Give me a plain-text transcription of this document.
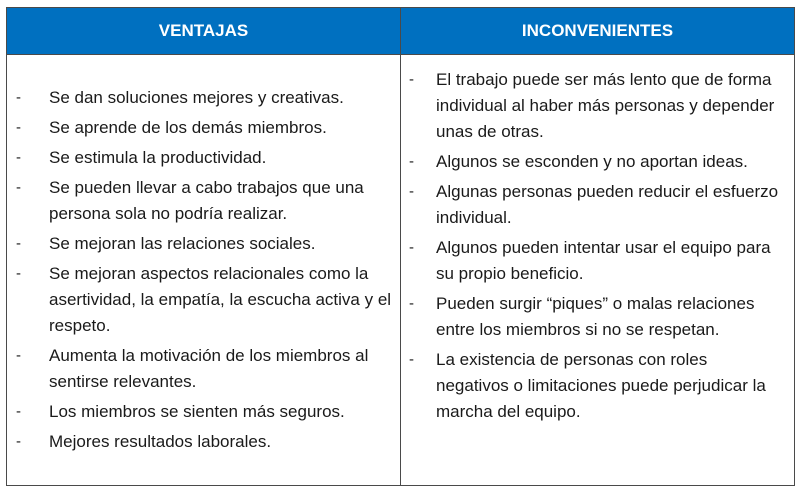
VENTAJAS	INCONVENIENTES
- Se dan soluciones mejores y creativas.
- Se aprende de los demás miembros.
- Se estimula la productividad.
- Se pueden llevar a cabo trabajos que una persona sola no podría realizar.
- Se mejoran las relaciones sociales.
- Se mejoran aspectos relacionales como la asertividad, la empatía, la escucha activa y el respeto.
- Aumenta la motivación de los miembros al sentirse relevantes.
- Los miembros se sienten más seguros.
- Mejores resultados laborales.
- El trabajo puede ser más lento que de forma individual al haber más personas y depender unas de otras.
- Algunos se esconden y no aportan ideas.
- Algunas personas pueden reducir el esfuerzo individual.
- Algunos pueden intentar usar el equipo para su propio beneficio.
- Pueden surgir “piques” o malas relaciones entre los miembros si no se respetan.
- La existencia de personas con roles negativos o limitaciones puede perjudicar la marcha del equipo.
